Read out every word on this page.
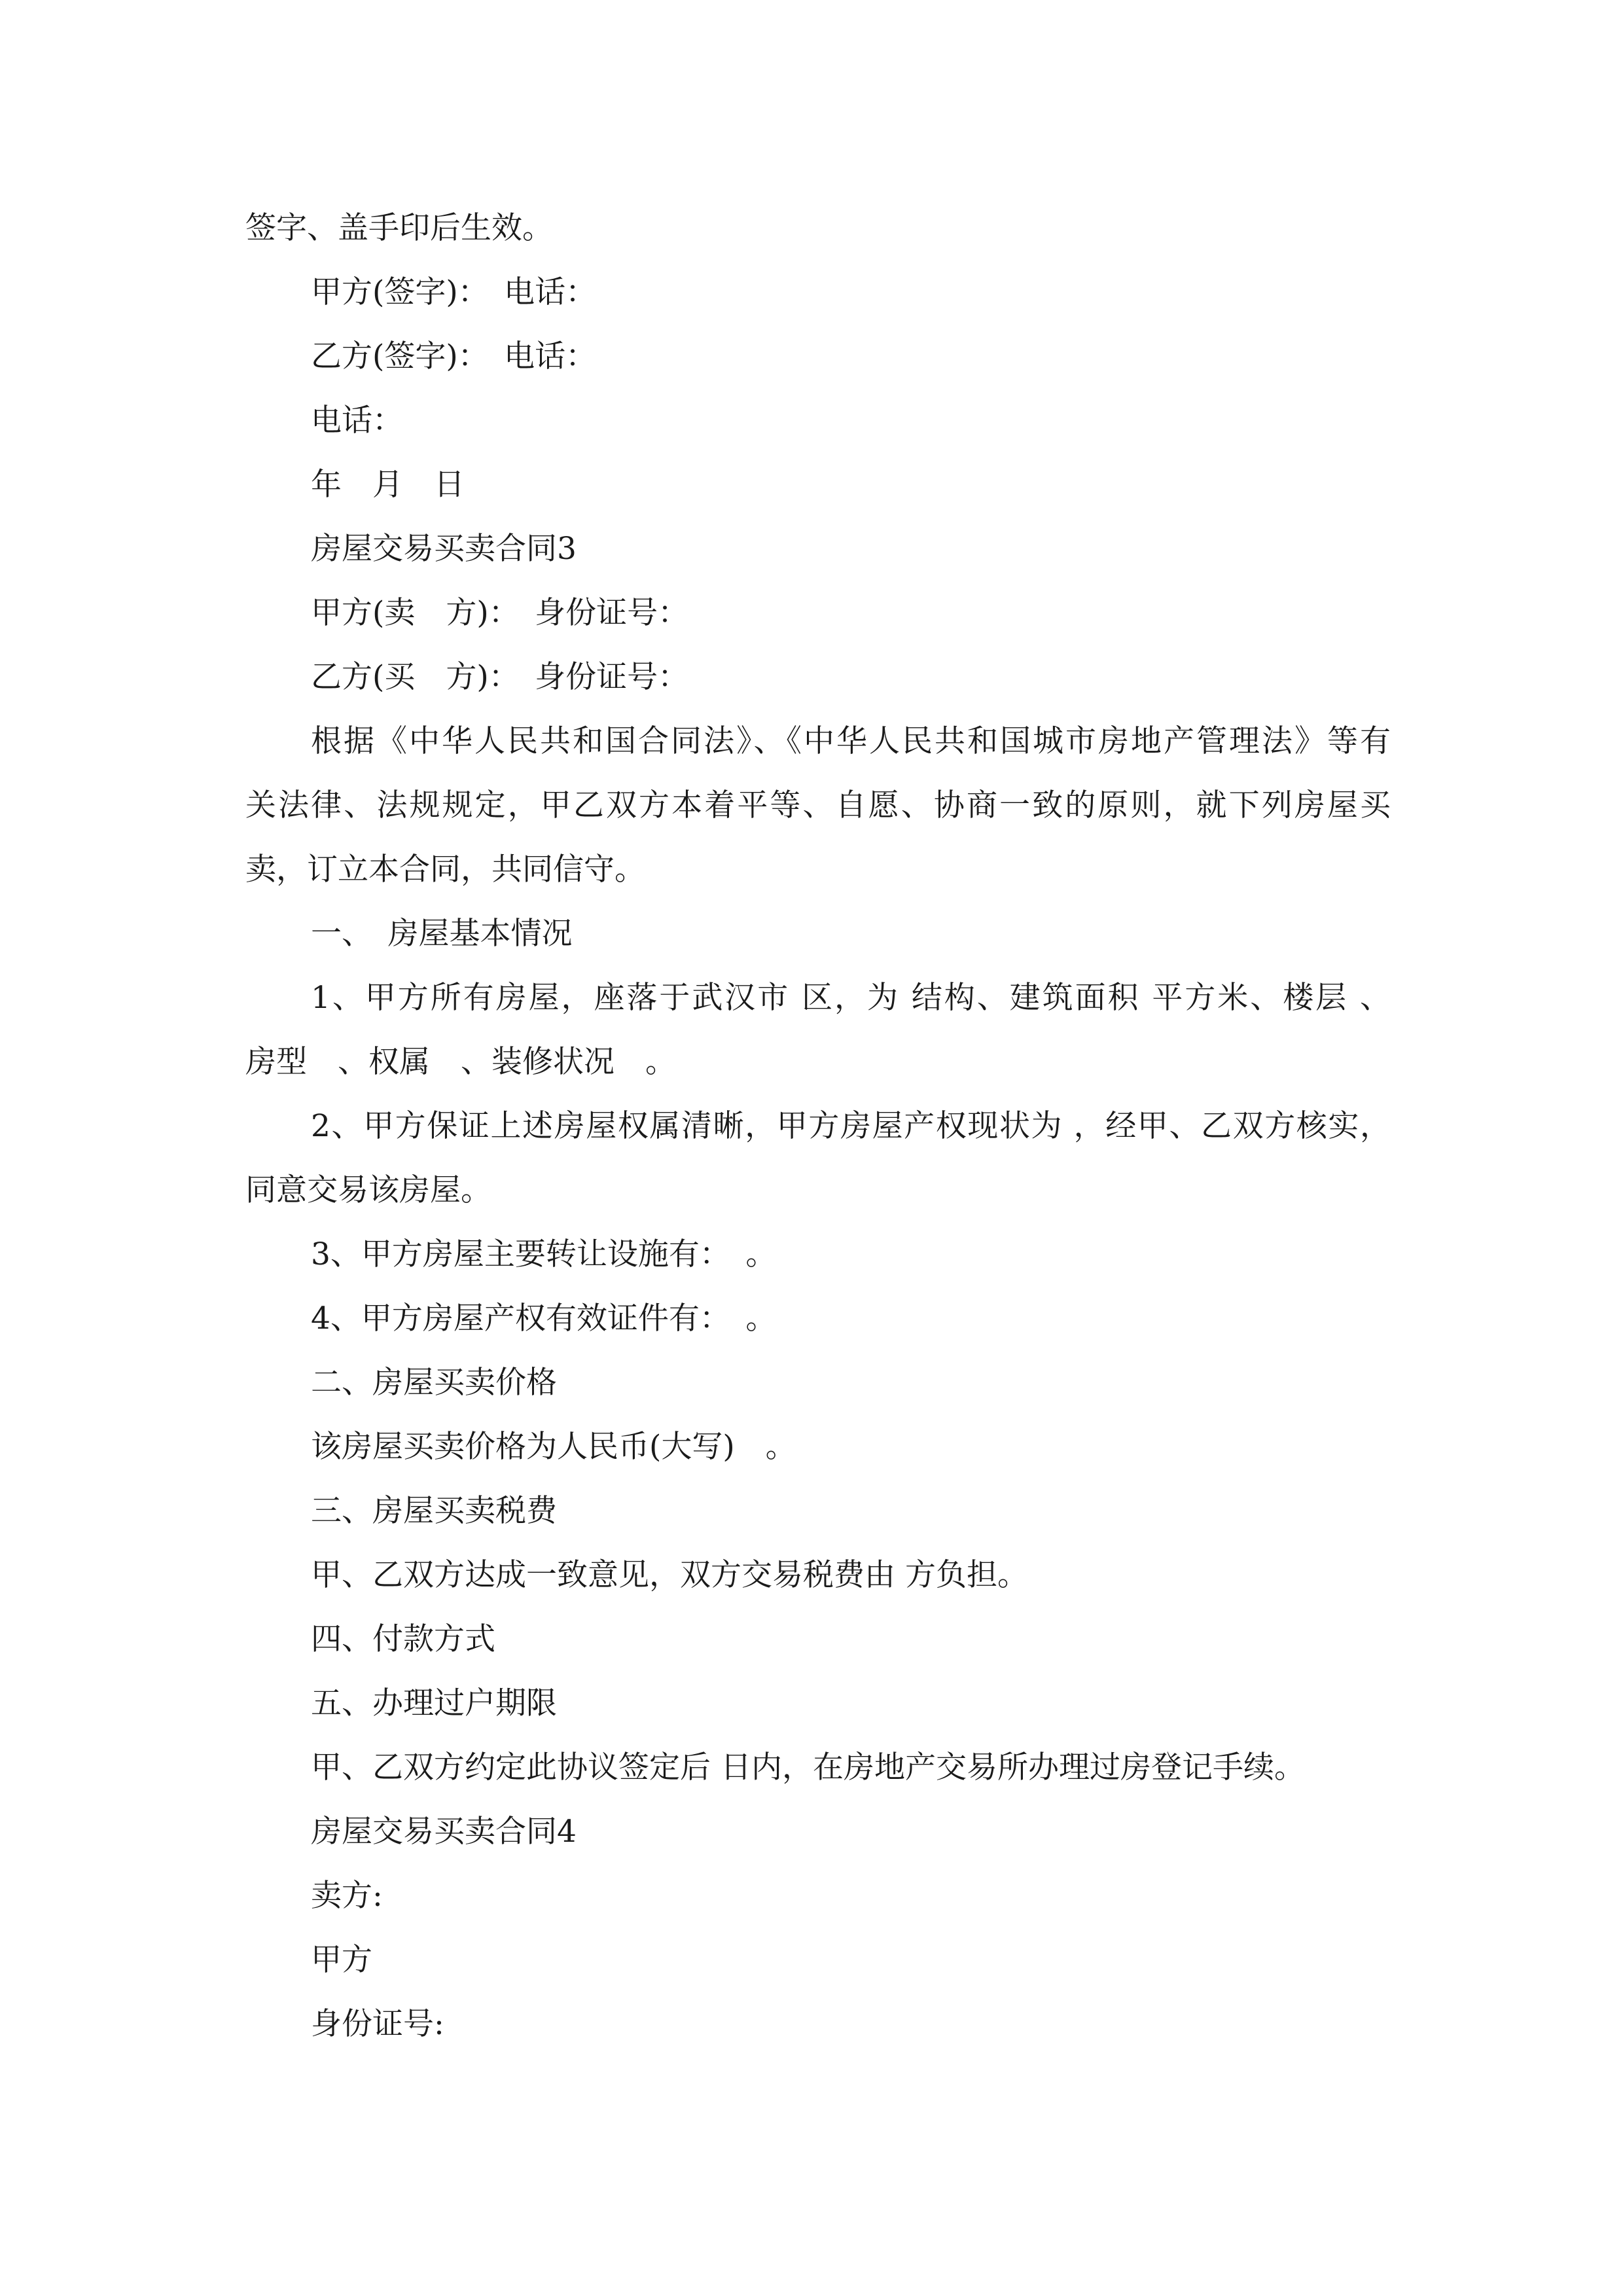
签字、盖手印后生效。
甲方(签字)：　电话：
乙方(签字)：　电话：
电话：
年　月　日
房屋交易买卖合同3
甲方(卖　方)：　身份证号：
乙方(买　方)：　身份证号：
根据《中华人民共和国合同法》、《中华人民共和国城市房地产管理法》等有
关法律、法规规定，甲乙双方本着平等、自愿、协商一致的原则，就下列房屋买
卖，订立本合同，共同信守。
一、　房屋基本情况
1、甲方所有房屋，座落于武汉市 区，为 结构、建筑面积 平方米、楼层 、
房型　、权属　、装修状况　。
2、甲方保证上述房屋权属清晰，甲方房屋产权现状为 ，经甲、乙双方核实，
同意交易该房屋。
3、甲方房屋主要转让设施有：　。
4、甲方房屋产权有效证件有：　。
二、房屋买卖价格
该房屋买卖价格为人民币(大写)　。
三、房屋买卖税费
甲、乙双方达成一致意见，双方交易税费由 方负担。
四、付款方式
五、办理过户期限
甲、乙双方约定此协议签定后 日内，在房地产交易所办理过房登记手续。
房屋交易买卖合同4
卖方:
甲方
身份证号:
